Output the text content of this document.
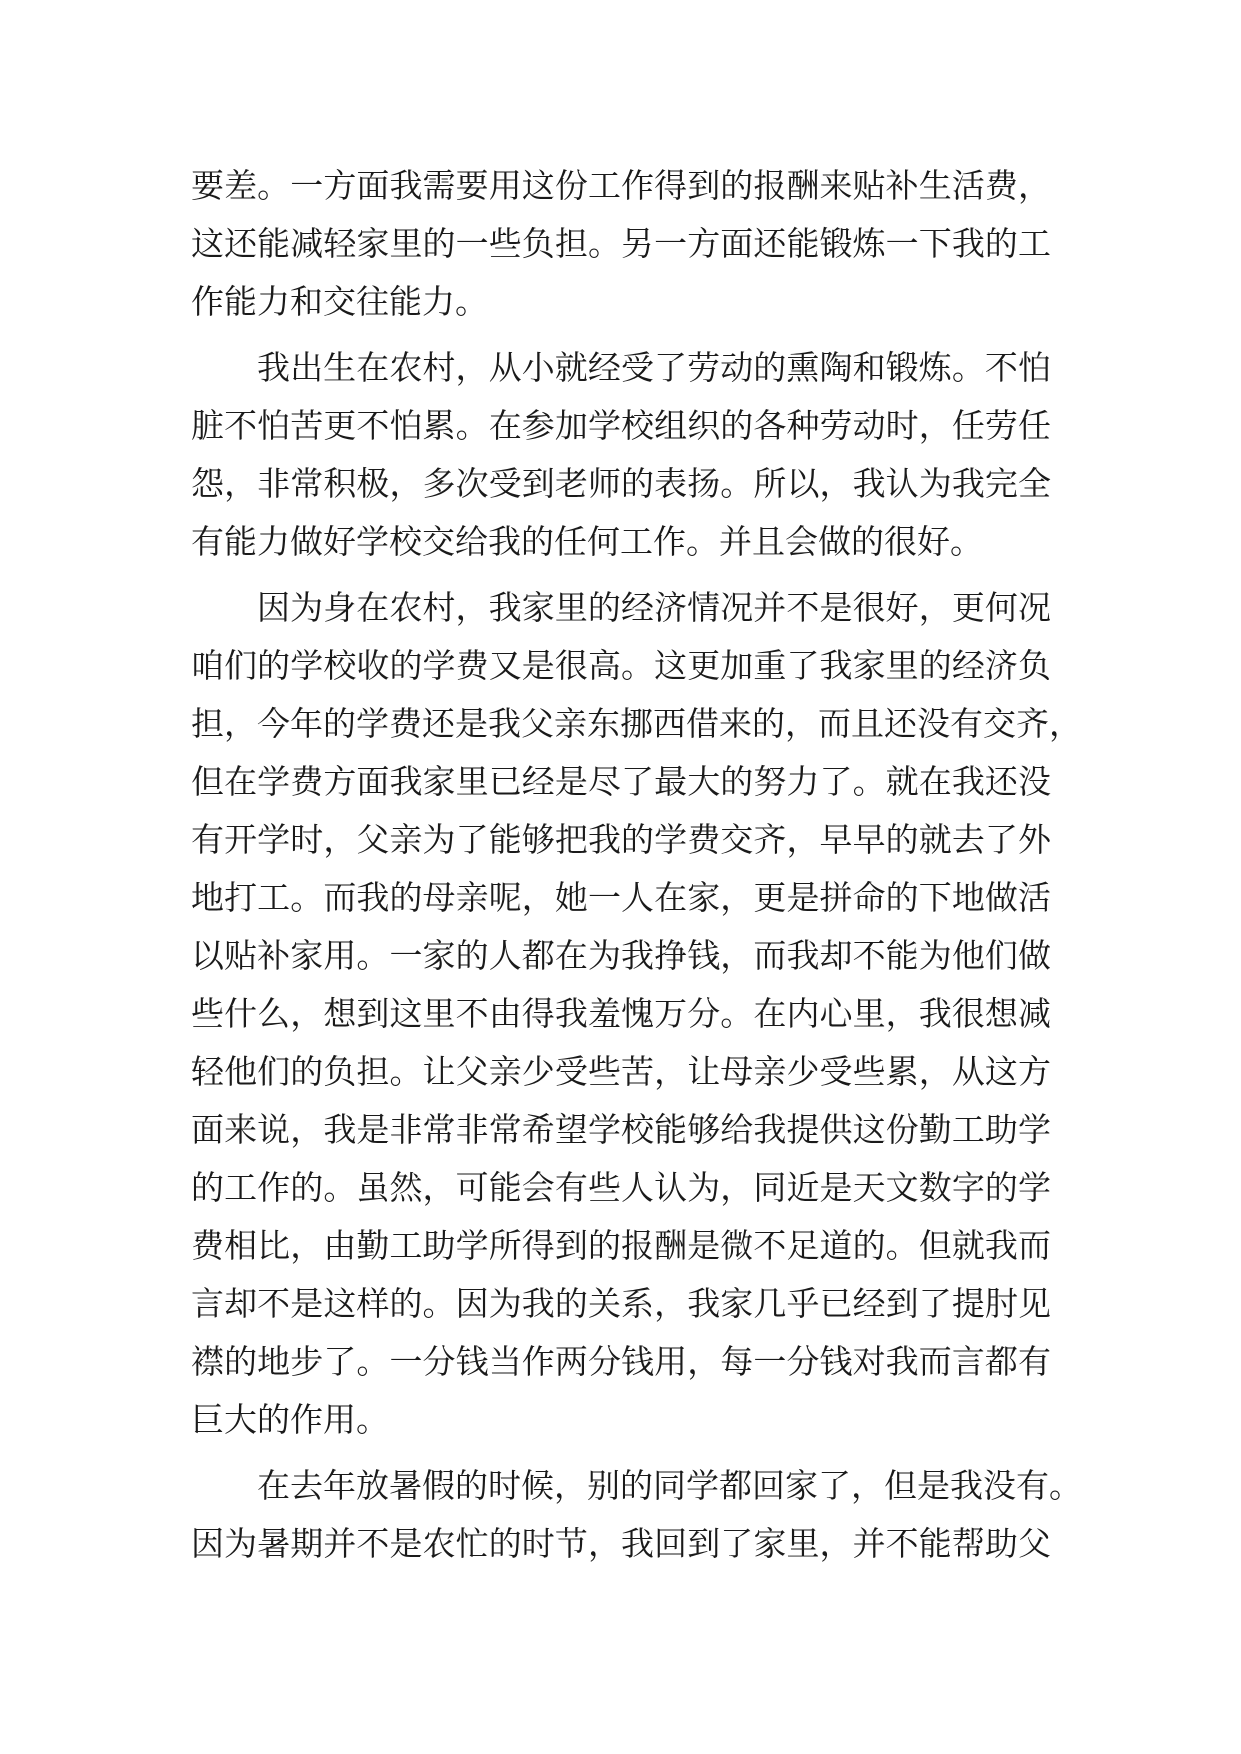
要差。一方面我需要用这份工作得到的报酬来贴补生活费，
这还能减轻家里的一些负担。另一方面还能锻炼一下我的工
作能力和交往能力。
我出生在农村，从小就经受了劳动的熏陶和锻炼。不怕
脏不怕苦更不怕累。在参加学校组织的各种劳动时，任劳任
怨，非常积极，多次受到老师的表扬。所以，我认为我完全
有能力做好学校交给我的任何工作。并且会做的很好。
因为身在农村，我家里的经济情况并不是很好，更何况
咱们的学校收的学费又是很高。这更加重了我家里的经济负
担，今年的学费还是我父亲东挪西借来的，而且还没有交齐，
但在学费方面我家里已经是尽了最大的努力了。就在我还没
有开学时，父亲为了能够把我的学费交齐，早早的就去了外
地打工。而我的母亲呢，她一人在家，更是拼命的下地做活
以贴补家用。一家的人都在为我挣钱，而我却不能为他们做
些什么，想到这里不由得我羞愧万分。在内心里，我很想减
轻他们的负担。让父亲少受些苦，让母亲少受些累，从这方
面来说，我是非常非常希望学校能够给我提供这份勤工助学
的工作的。虽然，可能会有些人认为，同近是天文数字的学
费相比，由勤工助学所得到的报酬是微不足道的。但就我而
言却不是这样的。因为我的关系，我家几乎已经到了提肘见
襟的地步了。一分钱当作两分钱用，每一分钱对我而言都有
巨大的作用。
在去年放暑假的时候，别的同学都回家了，但是我没有。
因为暑期并不是农忙的时节，我回到了家里，并不能帮助父
